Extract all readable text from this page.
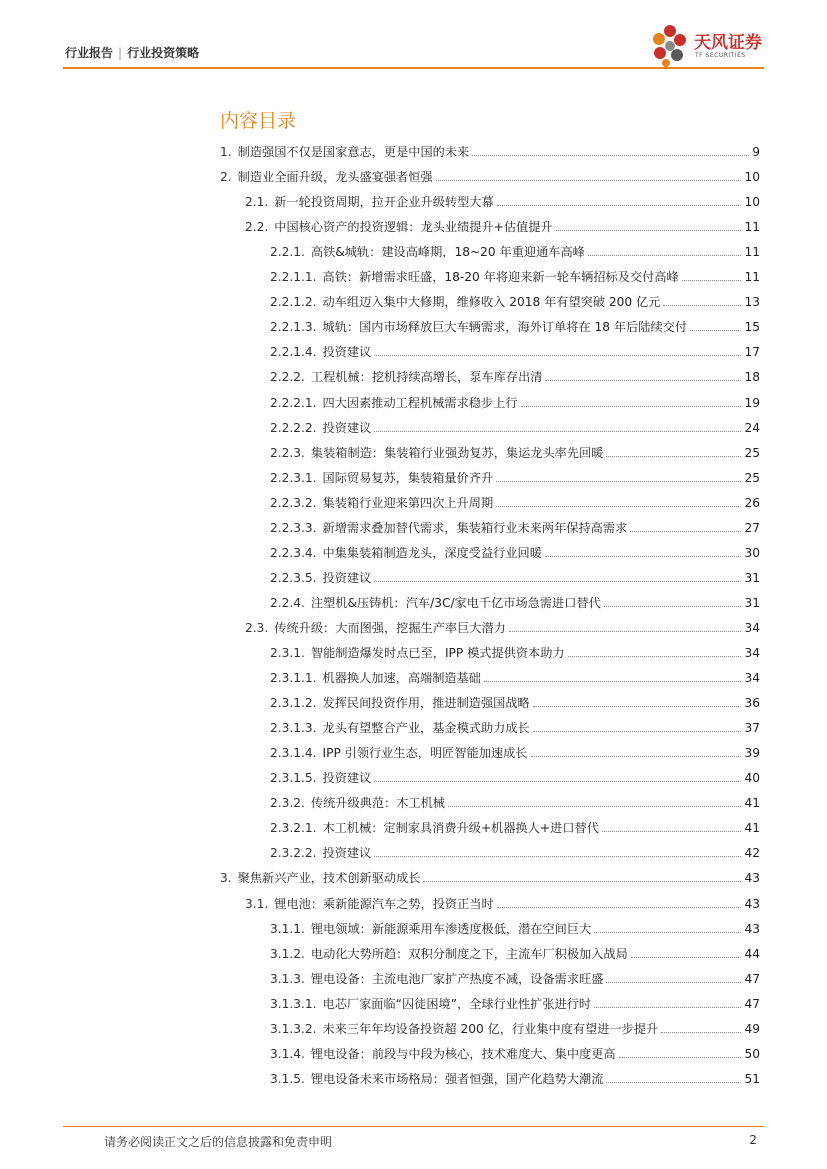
行业报告 | 行业投资策略	天风证券
TF SECURITIES
内容目录
1. 制造强国不仅是国家意志，更是中国的未来	9
2. 制造业全面升级，龙头盛宴强者恒强	10
2.1. 新一轮投资周期，拉开企业升级转型大幕	10
2.2. 中国核心资产的投资逻辑：龙头业绩提升+估值提升	11
2.2.1. 高铁&城轨：建设高峰期，18~20 年重迎通车高峰	11
2.2.1.1. 高铁：新增需求旺盛，18-20 年将迎来新一轮车辆招标及交付高峰	11
2.2.1.2. 动车组迈入集中大修期，维修收入 2018 年有望突破 200 亿元	13
2.2.1.3. 城轨：国内市场释放巨大车辆需求，海外订单将在 18 年后陆续交付	15
2.2.1.4. 投资建议	17
2.2.2. 工程机械：挖机持续高增长，泵车库存出清	18
2.2.2.1. 四大因素推动工程机械需求稳步上行	19
2.2.2.2. 投资建议	24
2.2.3. 集装箱制造：集装箱行业强劲复苏，集运龙头率先回暖	25
2.2.3.1. 国际贸易复苏，集装箱量价齐升	25
2.2.3.2. 集装箱行业迎来第四次上升周期	26
2.2.3.3. 新增需求叠加替代需求，集装箱行业未来两年保持高需求	27
2.2.3.4. 中集集装箱制造龙头，深度受益行业回暖	30
2.2.3.5. 投资建议	31
2.2.4. 注塑机&压铸机：汽车/3C/家电千亿市场急需进口替代	31
2.3. 传统升级：大而图强，挖掘生产率巨大潜力	34
2.3.1. 智能制造爆发时点已至，IPP 模式提供资本助力	34
2.3.1.1. 机器换人加速，高端制造基础	34
2.3.1.2. 发挥民间投资作用，推进制造强国战略	36
2.3.1.3. 龙头有望整合产业，基金模式助力成长	37
2.3.1.4. IPP 引领行业生态，明匠智能加速成长	39
2.3.1.5. 投资建议	40
2.3.2. 传统升级典范：木工机械	41
2.3.2.1. 木工机械：定制家具消费升级+机器换人+进口替代	41
2.3.2.2. 投资建议	42
3. 聚焦新兴产业，技术创新驱动成长	43
3.1. 锂电池：乘新能源汽车之势，投资正当时	43
3.1.1. 锂电领域：新能源乘用车渗透度极低，潜在空间巨大	43
3.1.2. 电动化大势所趋：双积分制度之下，主流车厂积极加入战局	44
3.1.3. 锂电设备：主流电池厂家扩产热度不减，设备需求旺盛	47
3.1.3.1. 电芯厂家面临“囚徒困境”，全球行业性扩张进行时	47
3.1.3.2. 未来三年年均设备投资超 200 亿，行业集中度有望进一步提升	49
3.1.4. 锂电设备：前段与中段为核心，技术难度大、集中度更高	50
3.1.5. 锂电设备未来市场格局：强者恒强，国产化趋势大潮流	51
请务必阅读正文之后的信息披露和免责申明	2
